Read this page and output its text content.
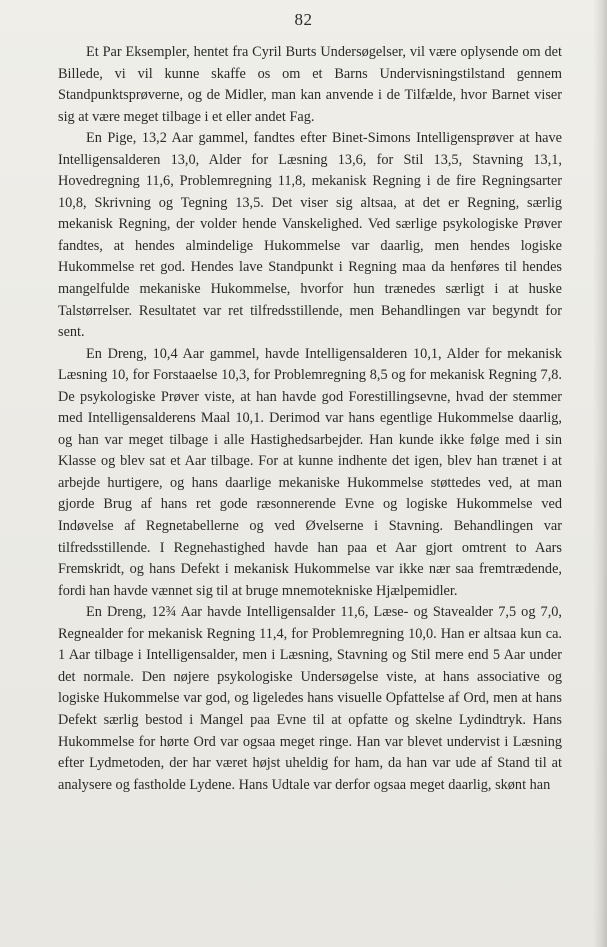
82

Et Par Eksempler, hentet fra Cyril Burts Undersøgelser, vil være oplysende om det Billede, vi vil kunne skaffe os om et Barns Undervisningstilstand gennem Standpunktsprøverne, og de Midler, man kan anvende i de Tilfælde, hvor Barnet viser sig at være meget tilbage i et eller andet Fag.

En Pige, 13,2 Aar gammel, fandtes efter Binet-Simons Intelligensprøver at have Intelligensalderen 13,0, Alder for Læsning 13,6, for Stil 13,5, Stavning 13,1, Hovedregning 11,6, Problemregning 11,8, mekanisk Regning i de fire Regningsarter 10,8, Skrivning og Tegning 13,5. Det viser sig altsaa, at det er Regning, særlig mekanisk Regning, der volder hende Vanskelighed. Ved særlige psykologiske Prøver fandtes, at hendes almindelige Hukommelse var daarlig, men hendes logiske Hukommelse ret god. Hendes lave Standpunkt i Regning maa da henføres til hendes mangelfulde mekaniske Hukommelse, hvorfor hun trænedes særligt i at huske Talstørrelser. Resultatet var ret tilfredsstillende, men Behandlingen var begyndt for sent.

En Dreng, 10,4 Aar gammel, havde Intelligensalderen 10,1, Alder for mekanisk Læsning 10, for Forstaaelse 10,3, for Problemregning 8,5 og for mekanisk Regning 7,8. De psykologiske Prøver viste, at han havde god Forestillingsevne, hvad der stemmer med Intelligensalderens Maal 10,1. Derimod var hans egentlige Hukommelse daarlig, og han var meget tilbage i alle Hastighedsarbejder. Han kunde ikke følge med i sin Klasse og blev sat et Aar tilbage. For at kunne indhente det igen, blev han trænet i at arbejde hurtigere, og hans daarlige mekaniske Hukommelse støttedes ved, at man gjorde Brug af hans ret gode ræsonnerende Evne og logiske Hukommelse ved Indøvelse af Regnetabellerne og ved Øvelserne i Stavning. Behandlingen var tilfredsstillende. I Regnehastighed havde han paa et Aar gjort omtrent to Aars Fremskridt, og hans Defekt i mekanisk Hukommelse var ikke nær saa fremtrædende, fordi han havde vænnet sig til at bruge mnemotekniske Hjælpemidler.

En Dreng, 12¾ Aar havde Intelligensalder 11,6, Læse- og Stavealder 7,5 og 7,0, Regnealder for mekanisk Regning 11,4, for Problemregning 10,0. Han er altsaa kun ca. 1 Aar tilbage i Intelligensalder, men i Læsning, Stavning og Stil mere end 5 Aar under det normale. Den nøjere psykologiske Undersøgelse viste, at hans associative og logiske Hukommelse var god, og ligeledes hans visuelle Opfattelse af Ord, men at hans Defekt særlig bestod i Mangel paa Evne til at opfatte og skelne Lydindtryk. Hans Hukommelse for hørte Ord var ogsaa meget ringe. Han var blevet undervist i Læsning efter Lydmetoden, der har været højst uheldig for ham, da han var ude af Stand til at analysere og fastholde Lydene. Hans Udtale var derfor ogsaa meget daarlig, skønt han
